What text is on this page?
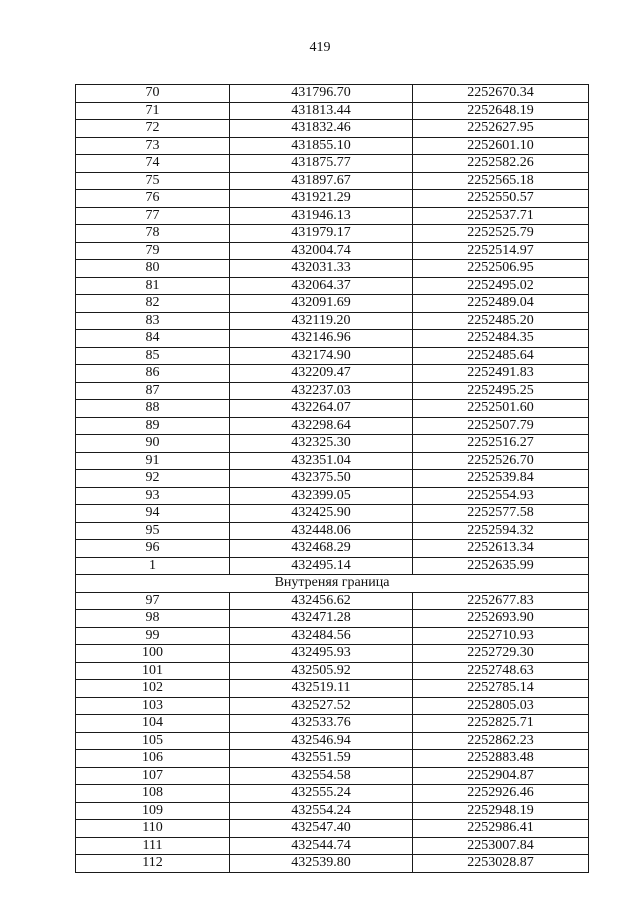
419
70	431796.70	2252670.34
71	431813.44	2252648.19
72	431832.46	2252627.95
73	431855.10	2252601.10
74	431875.77	2252582.26
75	431897.67	2252565.18
76	431921.29	2252550.57
77	431946.13	2252537.71
78	431979.17	2252525.79
79	432004.74	2252514.97
80	432031.33	2252506.95
81	432064.37	2252495.02
82	432091.69	2252489.04
83	432119.20	2252485.20
84	432146.96	2252484.35
85	432174.90	2252485.64
86	432209.47	2252491.83
87	432237.03	2252495.25
88	432264.07	2252501.60
89	432298.64	2252507.79
90	432325.30	2252516.27
91	432351.04	2252526.70
92	432375.50	2252539.84
93	432399.05	2252554.93
94	432425.90	2252577.58
95	432448.06	2252594.32
96	432468.29	2252613.34
1	432495.14	2252635.99
Внутреняя граница		
97	432456.62	2252677.83
98	432471.28	2252693.90
99	432484.56	2252710.93
100	432495.93	2252729.30
101	432505.92	2252748.63
102	432519.11	2252785.14
103	432527.52	2252805.03
104	432533.76	2252825.71
105	432546.94	2252862.23
106	432551.59	2252883.48
107	432554.58	2252904.87
108	432555.24	2252926.46
109	432554.24	2252948.19
110	432547.40	2252986.41
111	432544.74	2253007.84
112	432539.80	2253028.87
